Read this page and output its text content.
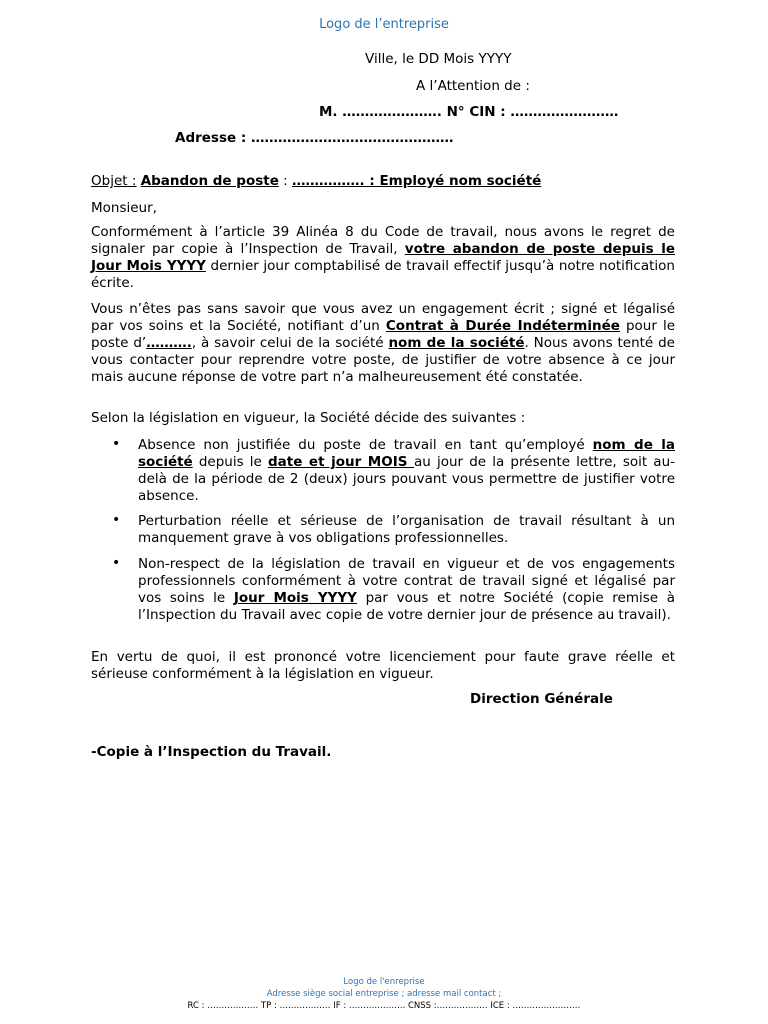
Logo de l’entreprise
Ville, le DD Mois YYYY
A l’Attention de :
M. …………………. N° CIN : ……………………
Adresse : ………………………………………
Objet : Abandon de poste : ……………. : Employé nom société
Monsieur,
Conformément à l’article 39 Alinéa 8 du Code de travail, nous avons le regret de signaler par copie à l’Inspection de Travail, votre abandon de poste depuis le Jour Mois YYYY dernier jour comptabilisé de travail effectif jusqu’à notre notification écrite.
Vous n’êtes pas sans savoir que vous avez un engagement écrit ; signé et légalisé par vos soins et la Société, notifiant d’un Contrat à Durée Indéterminée pour le poste d’………., à savoir celui de la société nom de la société. Nous avons tenté de vous contacter pour reprendre votre poste, de justifier de votre absence à ce jour mais aucune réponse de votre part n’a malheureusement été constatée.
Selon la législation en vigueur, la Société décide des suivantes :
• Absence non justifiée du poste de travail en tant qu’employé nom de la société depuis le date et jour MOIS au jour de la présente lettre, soit au-delà de la période de 2 (deux) jours pouvant vous permettre de justifier votre absence.
• Perturbation réelle et sérieuse de l’organisation de travail résultant à un manquement grave à vos obligations professionnelles.
• Non-respect de la législation de travail en vigueur et de vos engagements professionnels conformément à votre contrat de travail signé et légalisé par vos soins le Jour Mois YYYY par vous et notre Société (copie remise à l’Inspection du Travail avec copie de votre dernier jour de présence au travail).
En vertu de quoi, il est prononcé votre licenciement pour faute grave réelle et sérieuse conformément à la législation en vigueur.
Direction Générale
-Copie à l’Inspection du Travail.
Logo de l'enreprise
Adresse siège social entreprise ; adresse mail contact ;
RC : ……………… TP : ……………… IF : ……………….. CNSS :……………… ICE : ……………………
